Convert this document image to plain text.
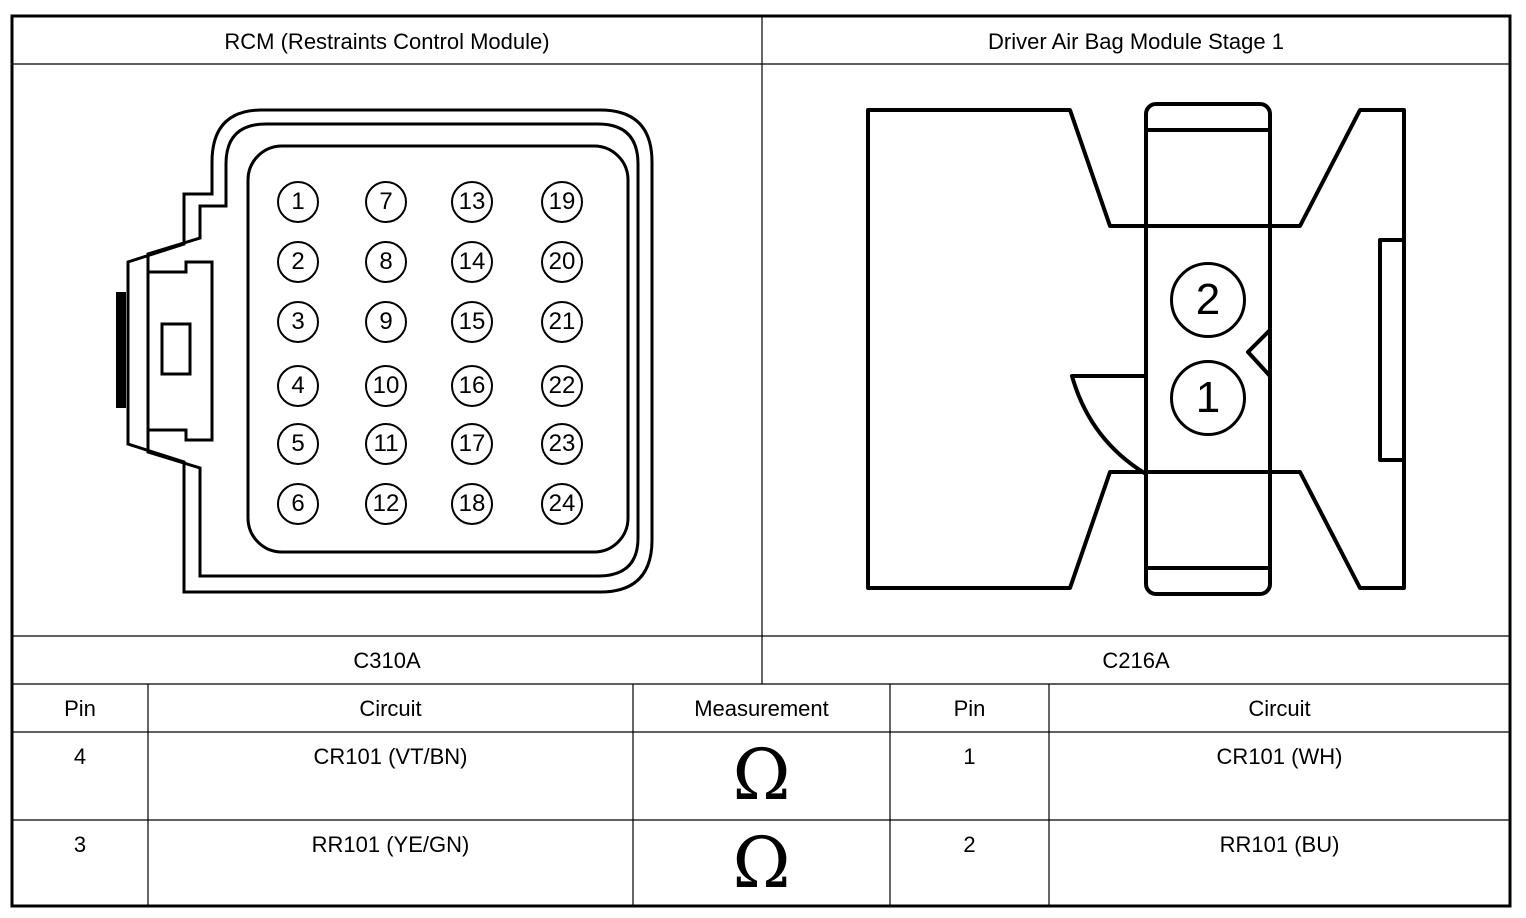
RCM (Restraints Control Module)	Driver Air Bag Module Stage 1
1
2
3
4
5
6
7
8
9
10
11
12
13
14
15
16
17
18
19
20
21
22
23
24
2
1
C310A	C216A
Pin	Circuit	Measurement	Pin	Circuit
4	CR101 (VT/BN)	Ω	1	CR101 (WH)
3	RR101 (YE/GN)	Ω	2	RR101 (BU)
